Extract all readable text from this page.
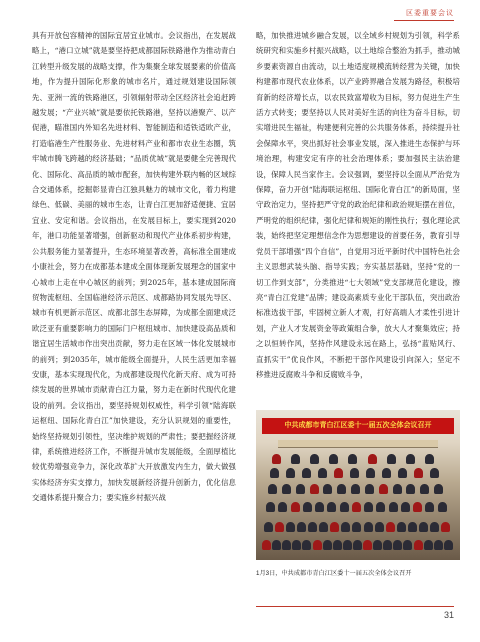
区委重要会议

具有开放包容精神的国际宜居宜业城市。会议指出，在发展战略上，“港口立城”就是要坚持把成都国际铁路港作为推动青白江转型升级发展的战略支撑，作为集聚全球发展要素的价值高地，作为提升国际化形象的城市名片，通过规划建设国际领先、亚洲一流的铁路港区，引领辐射带动全区经济社会追赶跨越发展；“产业兴城”就是要依托铁路港，坚持以港聚产、以产促港，瞄准国内外知名先进材料、智能制造和适铁适欧产业，打造临港生产性服务业、先进材料产业和都市农业生态圈，筑牢城市腾飞跨越的经济基础；“品质优城”就是要健全完善现代化、国际化、高品质的城市配套，加快构建外联内畅的区域综合交通体系，挖掘彰显青白江独具魅力的城市文化，着力构建绿色、低碳、美丽的城市生态，让青白江更加舒适便捷、宜居宜业、安定和谐。会议指出，在发展目标上，要实现到2020年，港口功能显著增强，创新驱动和现代产业体系初步构建，公共服务能力显著提升，生态环境显著改善，高标准全面建成小康社会，努力在成都基本建成全面体现新发展理念的国家中心城市上走在中心城区的前列；到2025年，基本建成国际商贸物流枢纽、全国临港经济示范区、成都路协同发展先导区、城市有机更新示范区、成都北部生态屏障，为成都全面建成泛欧泛亚有重要影响力的国际门户枢纽城市、加快建设高品质和谐宜居生活城市作出突出贡献，努力走在区域一体化发展城市的前列；到2035年，城市能级全面提升，人民生活更加幸福安康，基本实现现代化，为成都建设现代化新天府、成为可持续发展的世界城市贡献青白江力量，努力走在新时代现代化建设的前列。会议指出，要坚持规划权威性，科学引领“陆海联运枢纽、国际化青白江”加快建设，充分认识规划的重要性，始终坚持规划引领性，坚决维护规划的严肃性；要把握经济规律，系统推进经济工作，不断提升城市发展能级，全面厚植比较优势增强竞争力，深化改革扩大开放激发内生力，做大做强实体经济夯实支撑力，加快发展新经济提升创新力，优化信息交通体系提升聚合力；要实施乡村振兴战

略，加快推进城乡融合发展，以全域乡村规划为引领，科学系统研究和实施乡村振兴战略，以土地综合整治为抓手，推动城乡要素资源自由流动，以土地适度规模流转经营为关键，加快构建都市现代农业体系，以产业跨界融合发展为路径，积极培育新的经济增长点，以农民致富增收为目标，努力促进生产生活方式转变；要坚持以人民对美好生活的向往为奋斗目标，切实增进民生福祉，构建便利完善的公共服务体系，持续提升社会保障水平，突出抓好社会事业发展，深入推进生态保护与环境治理，构建安定有序的社会治理体系；要加强民主法治建设，保障人民当家作主。会议强调，要坚持以全面从严治党为保障，奋力开创“陆海联运枢纽、国际化青白江”的新局面，坚守政治定力，坚持把严守党的政治纪律和政治规矩摆在首位，严明党的组织纪律，强化纪律和规矩的刚性执行；强化理论武装，始终把坚定理想信念作为思想建设的首要任务，教育引导党员干部增强“四个自信”，自觉用习近平新时代中国特色社会主义思想武装头脑、指导实践；夯实基层基础，坚持“党的一切工作到支部”，分类推进“七大领域”党支部规范化建设，擦亮“青白江党建”品牌；建设高素质专业化干部队伍，突出政治标准选拔干部，牢固树立新人才观，打好高端人才柔性引进计划，产业人才发展资金等政策组合拳，放大人才聚集效应；持之以恒转作风，坚持作风建设永远在路上，弘扬“蓝贴风行、直抓实干”优良作风，不断把干部作风建设引向深入；坚定不移推进反腐败斗争和反腐败斗争，

中共成都市青白江区委十一届五次全体会议召开
1月3日，中共成都市青白江区委十一届五次全体会议召开
31
